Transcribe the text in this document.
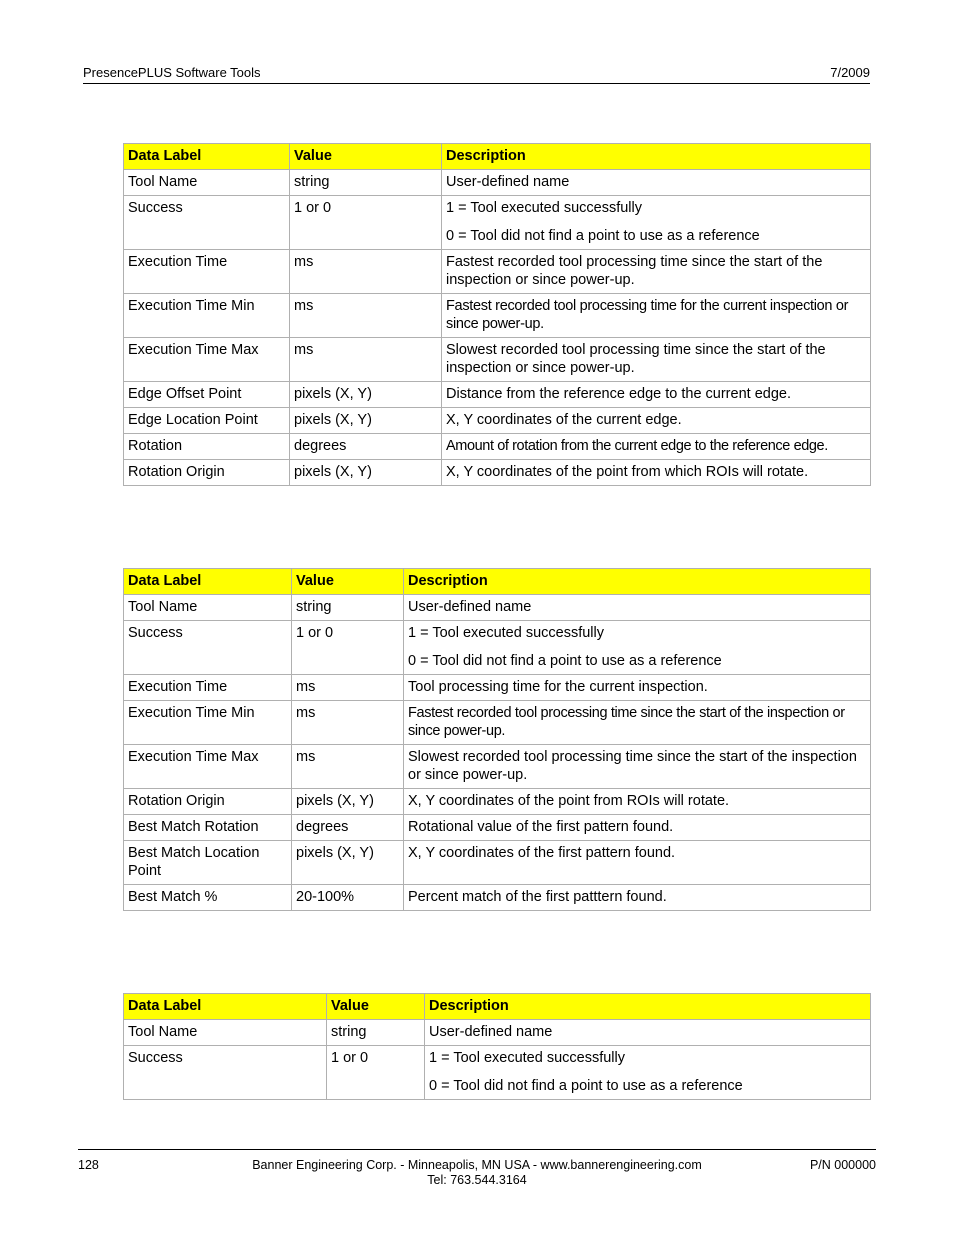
PresencePLUS Software Tools	7/2009
Data Label	Value	Description
Tool Name	string	User-defined name
Success	1 or 0	1 = Tool executed successfully

0 = Tool did not find a point to use as a reference

Execution Time	ms	Fastest recorded tool processing time since the start of the inspection or since power-up.
Execution Time Min	ms	Fastest recorded tool processing time for the current inspection or since power-up.
Execution Time Max	ms	Slowest recorded tool processing time since the start of the inspection or since power-up.
Edge Offset Point	pixels (X, Y)	Distance from the reference edge to the current edge.
Edge Location Point	pixels (X, Y)	X, Y coordinates of the current edge.
Rotation	degrees	Amount of rotation from the current edge to the reference edge.
Rotation Origin	pixels (X, Y)	X, Y coordinates of the point from which ROIs will rotate.
Data Label	Value	Description
Tool Name	string	User-defined name
Success	1 or 0	1 = Tool executed successfully

0 = Tool did not find a point to use as a reference

Execution Time	ms	Tool processing time for the current inspection.
Execution Time Min	ms	Fastest recorded tool processing time since the start of the inspection or since power-up.
Execution Time Max	ms	Slowest recorded tool processing time since the start of the inspection or since power-up.
Rotation Origin	pixels (X, Y)	X, Y coordinates of the point from ROIs will rotate.
Best Match Rotation	degrees	Rotational value of the first pattern found.
Best Match Location Point	pixels (X, Y)	X, Y coordinates of the first pattern found.
Best Match %	20-100%	Percent match of the first patttern found.
Data Label	Value	Description
Tool Name	string	User-defined name
Success	1 or 0	1 = Tool executed successfully

0 = Tool did not find a point to use as a reference

128	Banner Engineering Corp. - Minneapolis, MN USA - www.bannerengineering.com
Tel: 763.544.3164
P/N 000000
